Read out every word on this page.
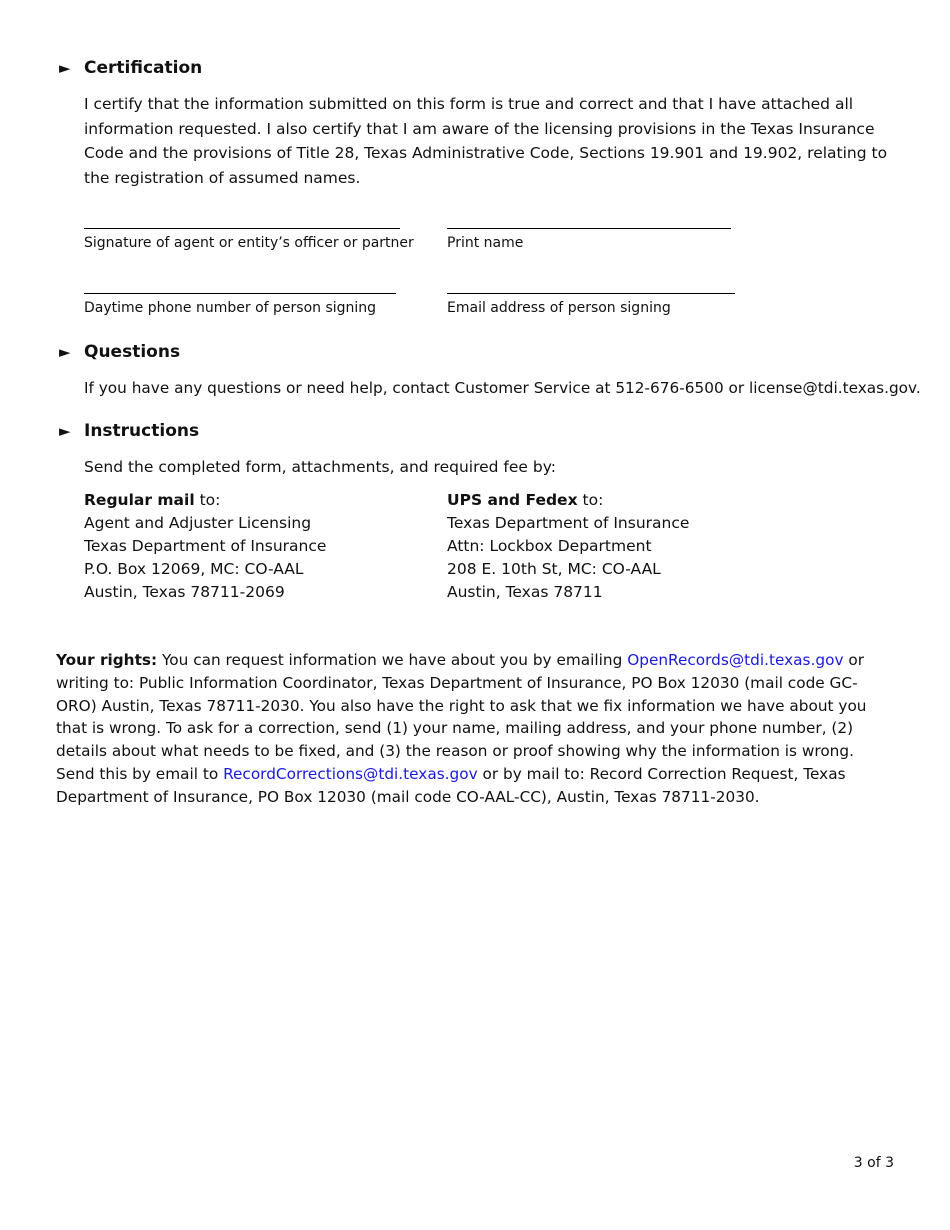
► Certification
I certify that the information submitted on this form is true and correct and that I have attached all information requested. I also certify that I am aware of the licensing provisions in the Texas Insurance Code and the provisions of Title 28, Texas Administrative Code, Sections 19.901 and 19.902, relating to the registration of assumed names.
Signature of agent or entity’s officer or partner Print name
Daytime phone number of person signing	Email address of person signing
► Questions
If you have any questions or need help, contact Customer Service at 512-676-6500 or license@tdi.texas.gov.
► Instructions
Send the completed form, attachments, and required fee by:
Regular mail to:
Agent and Adjuster Licensing
Texas Department of Insurance
P.O. Box 12069, MC: CO-AAL
Austin, Texas 78711-2069
UPS and Fedex to:
Texas Department of Insurance
Attn: Lockbox Department
208 E. 10th St, MC: CO-AAL
Austin, Texas 78711
Your rights: You can request information we have about you by emailing OpenRecords@tdi.texas.gov or writing to: Public Information Coordinator, Texas Department of Insurance, PO Box 12030 (mail code GC-ORO) Austin, Texas 78711-2030. You also have the right to ask that we fix information we have about you that is wrong. To ask for a correction, send (1) your name, mailing address, and your phone number, (2) details about what needs to be fixed, and (3) the reason or proof showing why the information is wrong. Send this by email to RecordCorrections@tdi.texas.gov or by mail to: Record Correction Request, Texas Department of Insurance, PO Box 12030 (mail code CO-AAL-CC), Austin, Texas 78711-2030.
3 of 3
